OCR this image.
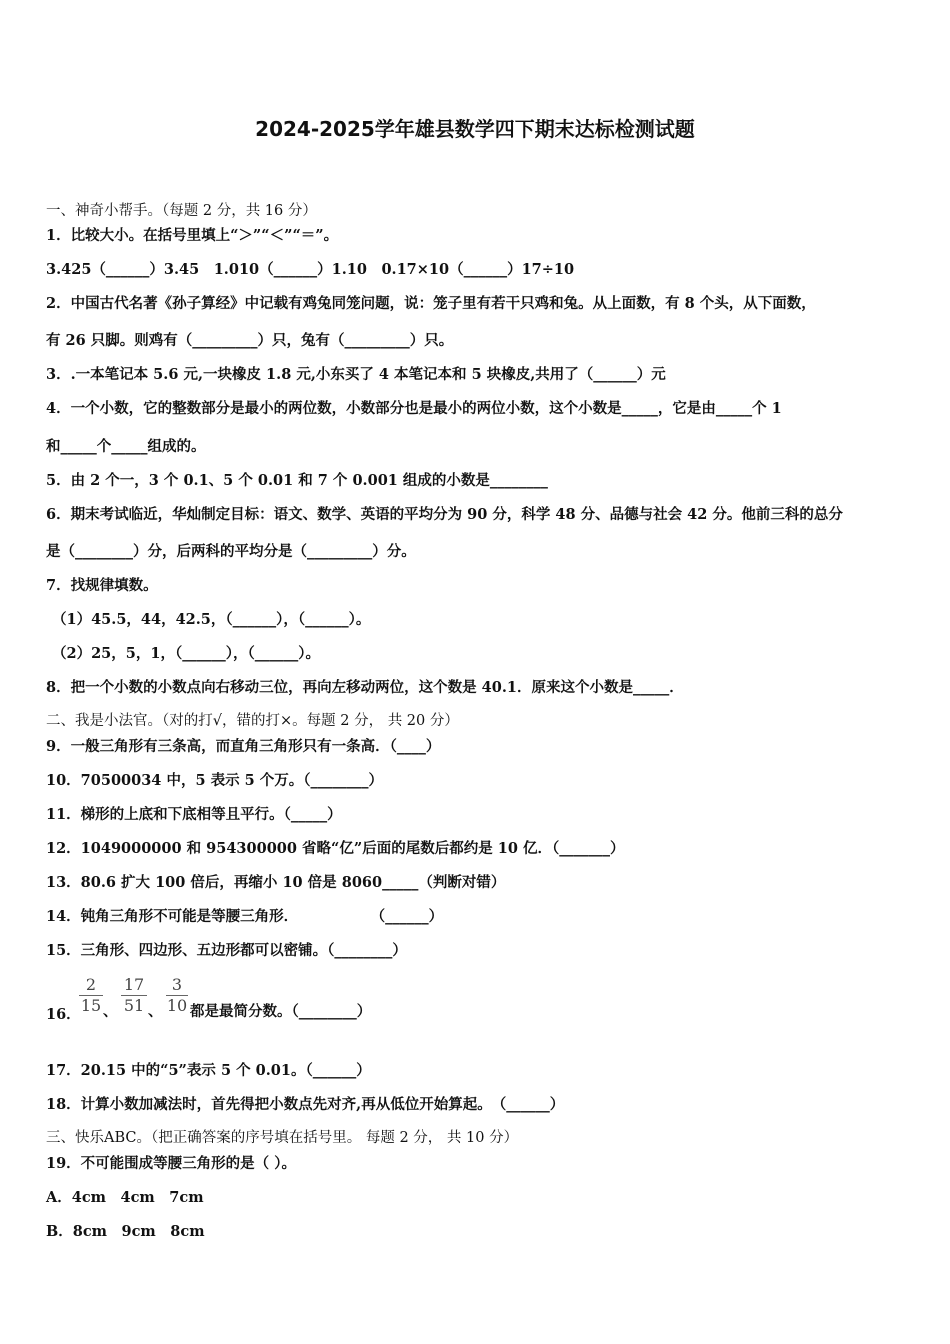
2024-2025学年雄县数学四下期末达标检测试题
一、神奇小帮手。（每题 2 分，共 16 分）
1．比较大小。在括号里填上“＞”“＜”“＝”。
3.425（______）3.45　1.010（______）1.10　0.17×10（______）17÷10
2．中国古代名著《孙子算经》中记载有鸡兔同笼问题，说：笼子里有若干只鸡和兔。从上面数，有 8 个头，从下面数，
有 26 只脚。则鸡有（_________）只，兔有（_________）只。
3．.一本笔记本 5.6 元,一块橡皮 1.8 元,小东买了 4 本笔记本和 5 块橡皮,共用了（______）元
4．一个小数，它的整数部分是最小的两位数，小数部分也是最小的两位小数，这个小数是_____，它是由_____个 1
和_____个_____组成的。
5．由 2 个一，3 个 0.1、5 个 0.01 和 7 个 0.001 组成的小数是________
6．期末考试临近，华灿制定目标：语文、数学、英语的平均分为 90 分，科学 48 分、品德与社会 42 分。他前三科的总分
是（________）分，后两科的平均分是（_________）分。
7．找规律填数。
（1）45.5，44，42.5，（______），（______）。
（2）25，5，1，（______），（______）。
8．把一个小数的小数点向右移动三位，再向左移动两位，这个数是 40.1．原来这个小数是_____．
二、我是小法官。（对的打√，错的打×。每题 2 分， 共 20 分）
9．一般三角形有三条高，而直角三角形只有一条高．（____）
10．70500034 中，5 表示 5 个万。（________）
11．梯形的上底和下底相等且平行。（_____）
12．1049000000 和 954300000 省略“亿”后面的尾数后都约是 10 亿．（_______）
13．80.6 扩大 100 倍后，再缩小 10 倍是 8060_____（判断对错）
14．钝角三角形不可能是等腰三角形．　　　　　　（______）
15．三角形、四边形、五边形都可以密铺。（________）
16．
2
15 、
17
51 、
3
10 都是最简分数。（________）
17．20.15 中的“5”表示 5 个 0.01。（______）
18．计算小数加减法时，首先得把小数点先对齐,再从低位开始算起。　（______）
三、快乐ABC。（把正确答案的序号填在括号里。 每题 2 分， 共 10 分）
19．不可能围成等腰三角形的是（ ）。
A．4cm　4cm　7cm
B．8cm　9cm　8cm
